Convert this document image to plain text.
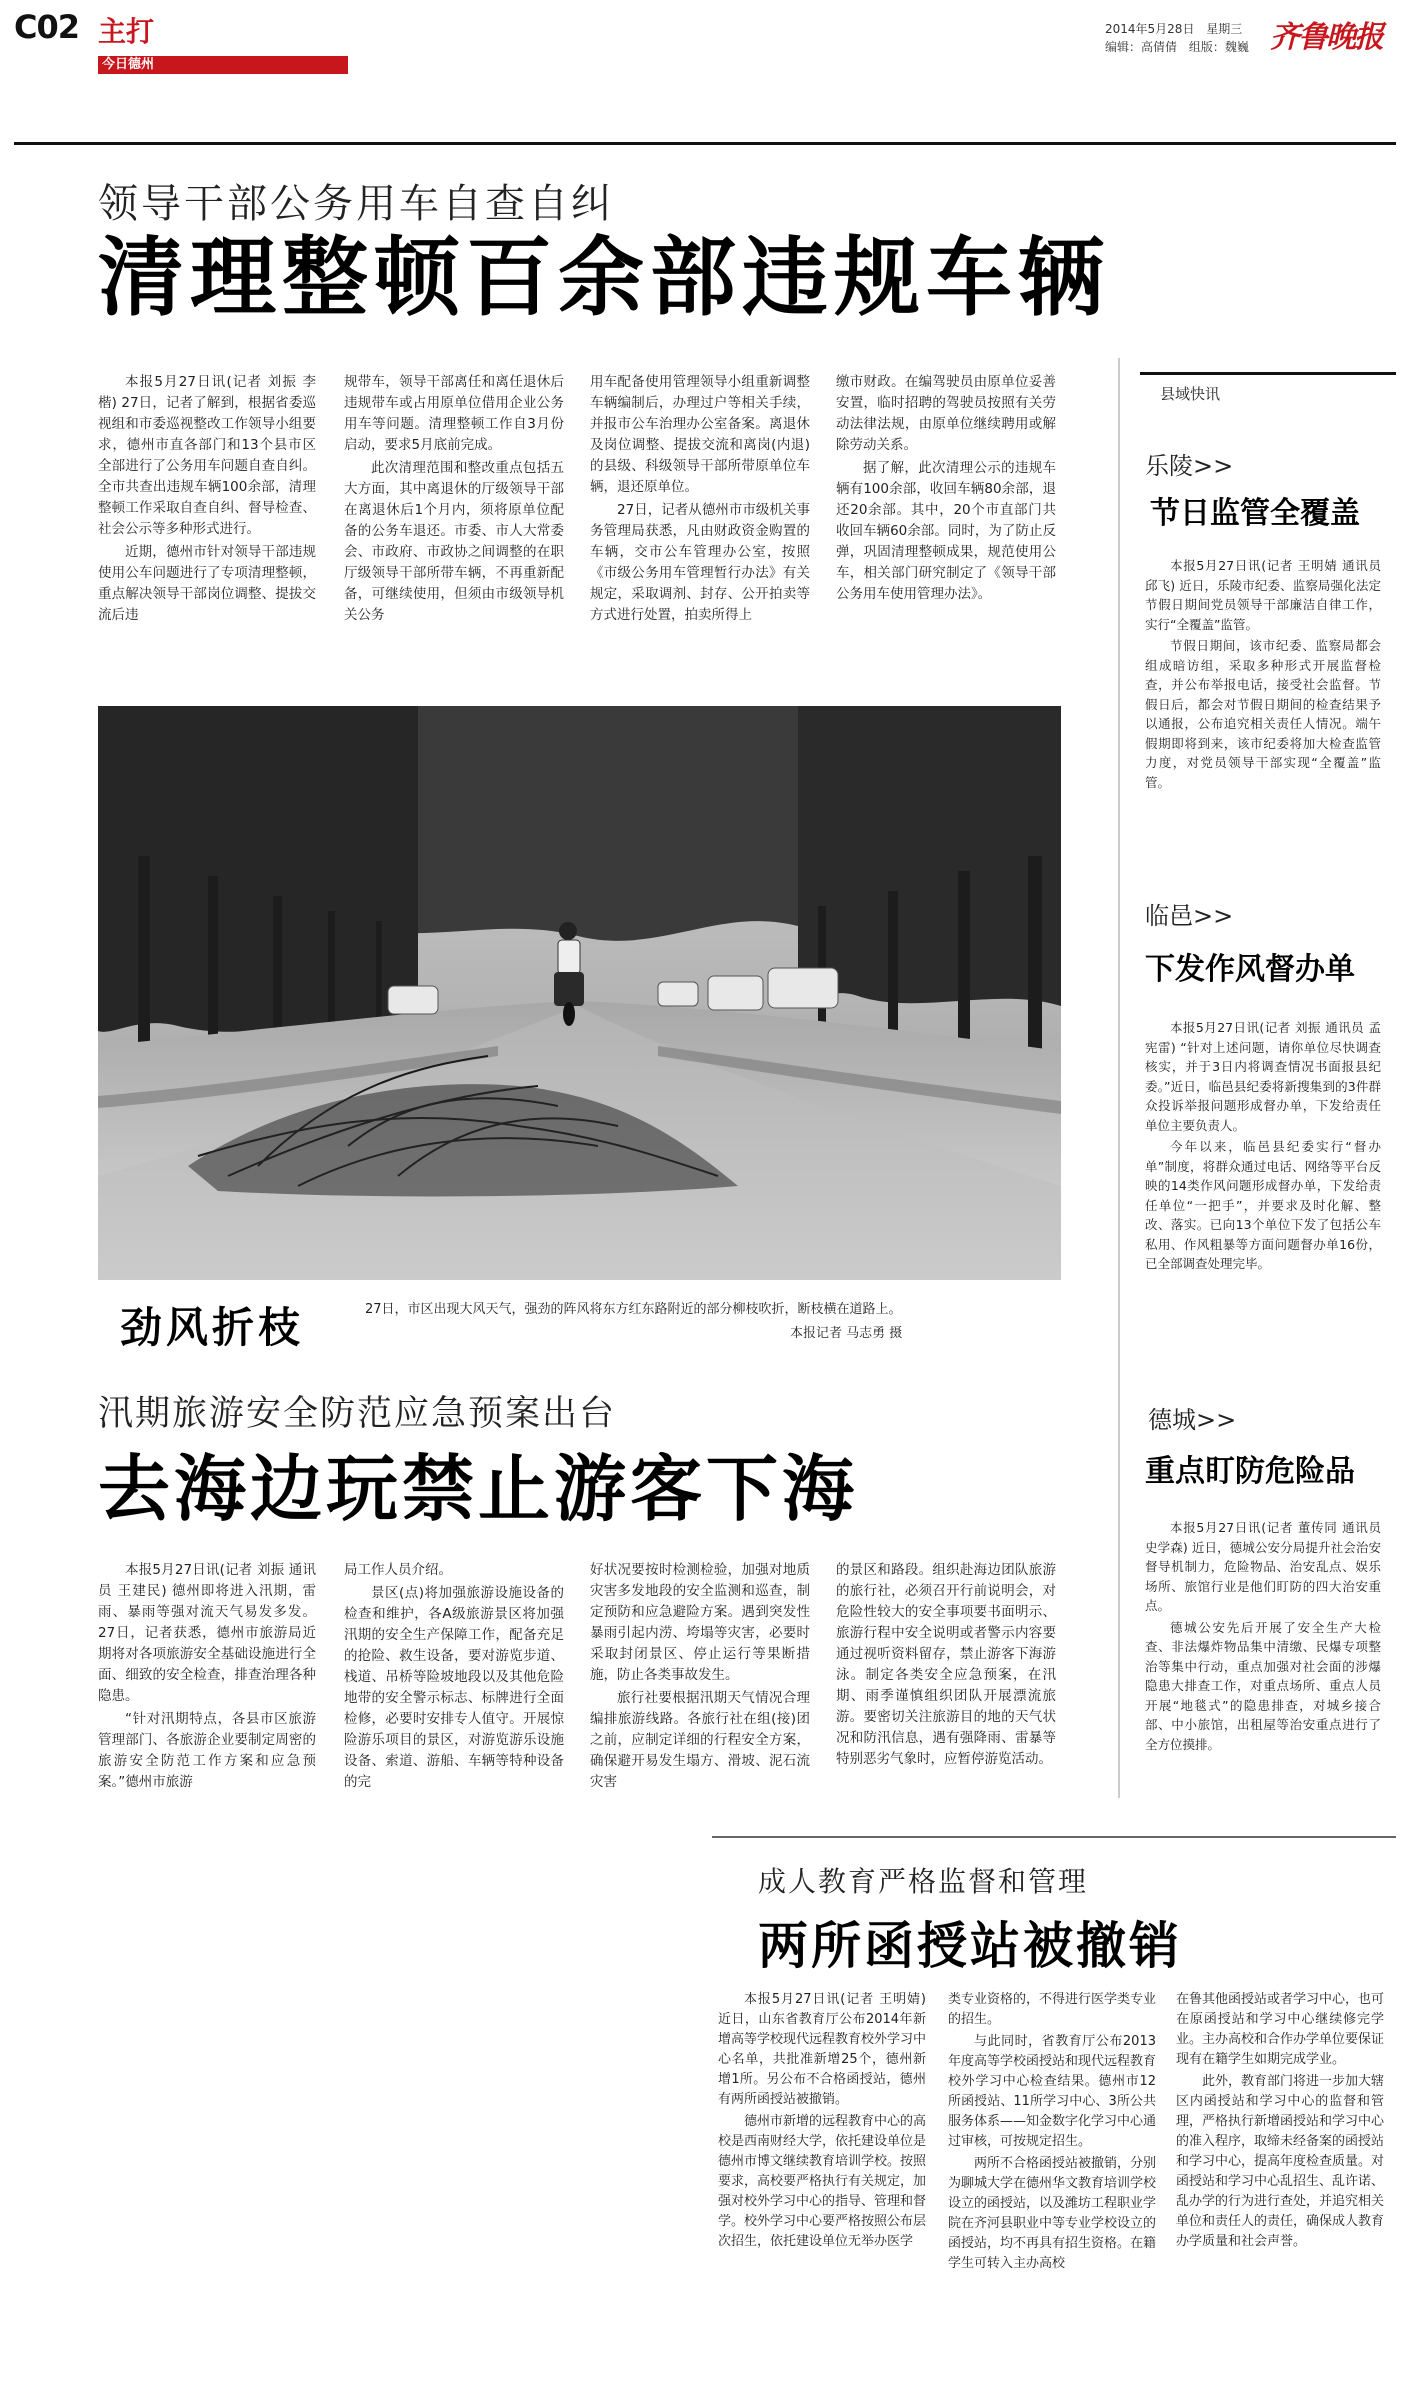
C02 主打
今日德州
2014年5月28日 星期三
编辑：高倩倩 组版：魏巍 齐鲁晚报
领导干部公务用车自查自纠
清理整顿百余部违规车辆

本报5月27日讯(记者 刘振 李楷) 27日，记者了解到，根据省委巡视组和市委巡视整改工作领导小组要求，德州市直各部门和13个县市区全部进行了公务用车问题自查自纠。全市共查出违规车辆100余部，清理整顿工作采取自查自纠、督导检查、社会公示等多种形式进行。

近期，德州市针对领导干部违规使用公车问题进行了专项清理整顿，重点解决领导干部岗位调整、提拔交流后违

规带车，领导干部离任和离任退休后违规带车或占用原单位借用企业公务用车等问题。清理整顿工作自3月份启动，要求5月底前完成。

此次清理范围和整改重点包括五大方面，其中离退休的厅级领导干部在离退休后1个月内，须将原单位配备的公务车退还。市委、市人大常委会、市政府、市政协之间调整的在职厅级领导干部所带车辆，不再重新配备，可继续使用，但须由市级领导机关公务

用车配备使用管理领导小组重新调整车辆编制后，办理过户等相关手续，并报市公车治理办公室备案。离退休及岗位调整、提拔交流和离岗(内退)的县级、科级领导干部所带原单位车辆，退还原单位。

27日，记者从德州市市级机关事务管理局获悉，凡由财政资金购置的车辆，交市公车管理办公室，按照《市级公务用车管理暂行办法》有关规定，采取调剂、封存、公开拍卖等方式进行处置，拍卖所得上

缴市财政。在编驾驶员由原单位妥善安置，临时招聘的驾驶员按照有关劳动法律法规，由原单位继续聘用或解除劳动关系。

据了解，此次清理公示的违规车辆有100余部，收回车辆80余部，退还20余部。其中，20个市直部门共收回车辆60余部。同时，为了防止反弹，巩固清理整顿成果，规范使用公车，相关部门研究制定了《领导干部公务用车使用管理办法》。

劲风折枝	27日，市区出现大风天气，强劲的阵风将东方红东路附近的部分柳枝吹折，断枝横在道路上。
本报记者 马志勇 摄
县域快讯
乐陵>>
节日监管全覆盖

本报5月27日讯(记者 王明婧 通讯员 邱飞) 近日，乐陵市纪委、监察局强化法定节假日期间党员领导干部廉洁自律工作，实行“全覆盖”监管。

节假日期间，该市纪委、监察局都会组成暗访组，采取多种形式开展监督检查，并公布举报电话，接受社会监督。节假日后，都会对节假日期间的检查结果予以通报，公布追究相关责任人情况。端午假期即将到来，该市纪委将加大检查监管力度，对党员领导干部实现“全覆盖”监管。

临邑>>
下发作风督办单

本报5月27日讯(记者 刘振 通讯员 孟宪雷) “针对上述问题，请你单位尽快调查核实，并于3日内将调查情况书面报县纪委。”近日，临邑县纪委将新搜集到的3件群众投诉举报问题形成督办单，下发给责任单位主要负责人。

今年以来，临邑县纪委实行“督办单”制度，将群众通过电话、网络等平台反映的14类作风问题形成督办单，下发给责任单位“一把手”，并要求及时化解、整改、落实。已向13个单位下发了包括公车私用、作风粗暴等方面问题督办单16份，已全部调查处理完毕。

德城>>
重点盯防危险品

本报5月27日讯(记者 董传同 通讯员 史学森) 近日，德城公安分局提升社会治安督导机制力，危险物品、治安乱点、娱乐场所、旅馆行业是他们盯防的四大治安重点。

德城公安先后开展了安全生产大检查、非法爆炸物品集中清缴、民爆专项整治等集中行动，重点加强对社会面的涉爆隐患大排查工作，对重点场所、重点人员开展“地毯式”的隐患排查，对城乡接合部、中小旅馆，出租屋等治安重点进行了全方位摸排。

汛期旅游安全防范应急预案出台
去海边玩禁止游客下海

本报5月27日讯(记者 刘振 通讯员 王建民) 德州即将进入汛期，雷雨、暴雨等强对流天气易发多发。27日，记者获悉，德州市旅游局近期将对各项旅游安全基础设施进行全面、细致的安全检查，排查治理各种隐患。

“针对汛期特点，各县市区旅游管理部门、各旅游企业要制定周密的旅游安全防范工作方案和应急预案。”德州市旅游

局工作人员介绍。

景区(点)将加强旅游设施设备的检查和维护，各A级旅游景区将加强汛期的安全生产保障工作，配备充足的抢险、救生设备，要对游览步道、栈道、吊桥等险坡地段以及其他危险地带的安全警示标志、标牌进行全面检修，必要时安排专人值守。开展惊险游乐项目的景区，对游览游乐设施设备、索道、游船、车辆等特种设备的完

好状况要按时检测检验，加强对地质灾害多发地段的安全监测和巡查，制定预防和应急避险方案。遇到突发性暴雨引起内涝、垮塌等灾害，必要时采取封闭景区、停止运行等果断措施，防止各类事故发生。

旅行社要根据汛期天气情况合理编排旅游线路。各旅行社在组(接)团之前，应制定详细的行程安全方案，确保避开易发生塌方、滑坡、泥石流灾害

的景区和路段。组织赴海边团队旅游的旅行社，必须召开行前说明会，对危险性较大的安全事项要书面明示、旅游行程中安全说明或者警示内容要通过视听资料留存，禁止游客下海游泳。制定各类安全应急预案，在汛期、雨季谨慎组织团队开展漂流旅游。要密切关注旅游目的地的天气状况和防汛信息，遇有强降雨、雷暴等特别恶劣气象时，应暂停游览活动。

成人教育严格监督和管理
两所函授站被撤销

本报5月27日讯(记者 王明婧) 近日，山东省教育厅公布2014年新增高等学校现代远程教育校外学习中心名单，共批准新增25个，德州新增1所。另公布不合格函授站，德州有两所函授站被撤销。

德州市新增的远程教育中心的高校是西南财经大学，依托建设单位是德州市博文继续教育培训学校。按照要求，高校要严格执行有关规定，加强对校外学习中心的指导、管理和督学。校外学习中心要严格按照公布层次招生，依托建设单位无举办医学

类专业资格的，不得进行医学类专业的招生。

与此同时，省教育厅公布2013年度高等学校函授站和现代远程教育校外学习中心检查结果。德州市12所函授站、11所学习中心、3所公共服务体系——知金数字化学习中心通过审核，可按规定招生。

两所不合格函授站被撤销，分别为聊城大学在德州华文教育培训学校设立的函授站，以及潍坊工程职业学院在齐河县职业中等专业学校设立的函授站，均不再具有招生资格。在籍学生可转入主办高校

在鲁其他函授站或者学习中心，也可在原函授站和学习中心继续修完学业。主办高校和合作办学单位要保证现有在籍学生如期完成学业。

此外，教育部门将进一步加大辖区内函授站和学习中心的监督和管理，严格执行新增函授站和学习中心的准入程序，取缔未经备案的函授站和学习中心，提高年度检查质量。对函授站和学习中心乱招生、乱许诺、乱办学的行为进行查处，并追究相关单位和责任人的责任，确保成人教育办学质量和社会声誉。
